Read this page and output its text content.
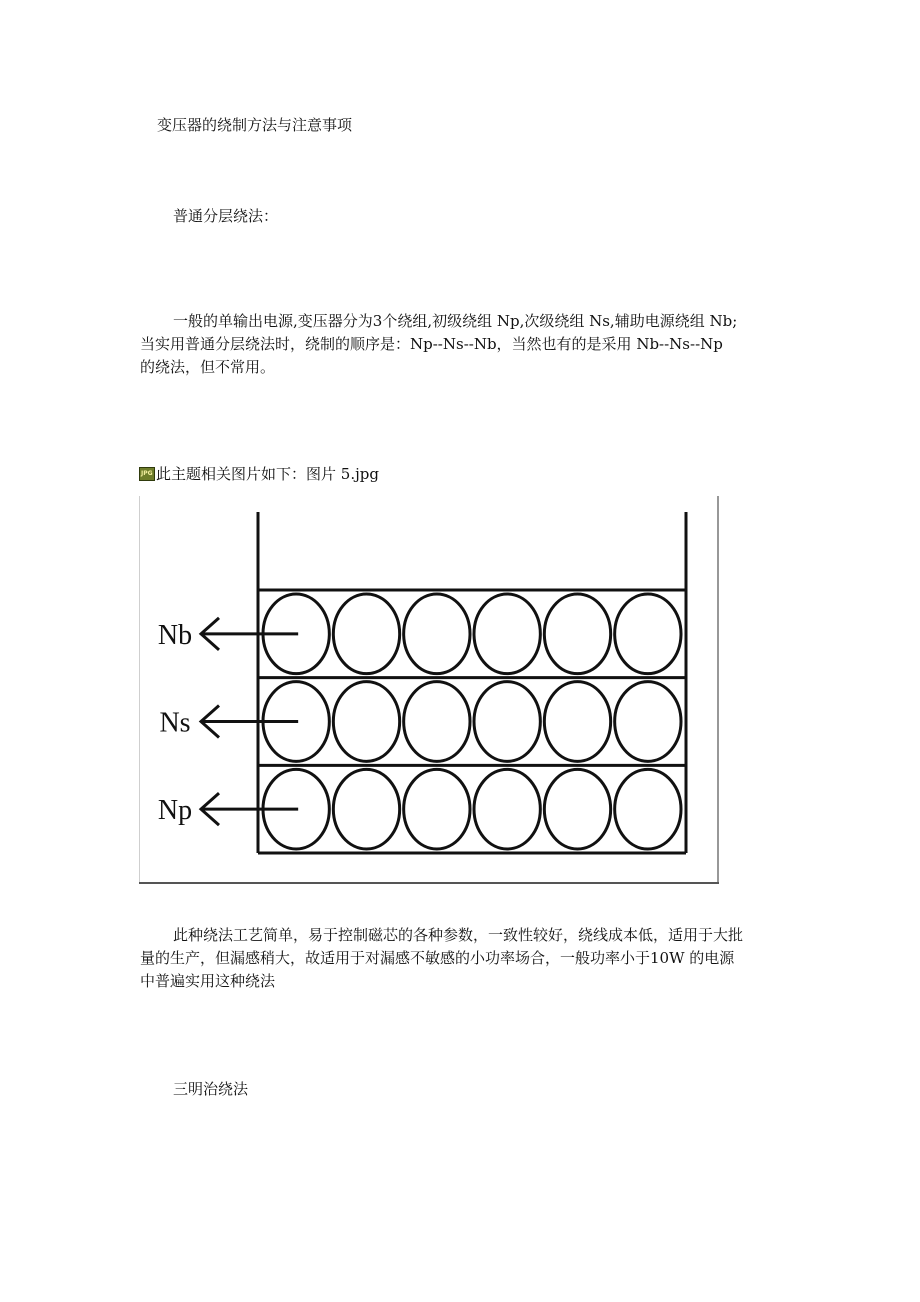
变压器的绕制方法与注意事项
普通分层绕法：

一般的单输出电源,变压器分为3个绕组,初级绕组 Np,次级绕组 Ns,辅助电源绕组 Nb;

当实用普通分层绕法时，绕制的顺序是：Np--Ns--Nb，当然也有的是采用 Nb--Ns--Np

的绕法，但不常用。

JPG此主题相关图片如下：图片 5.jpg
Nb
Ns
Np

此种绕法工艺简单，易于控制磁芯的各种参数，一致性较好，绕线成本低，适用于大批

量的生产，但漏感稍大，故适用于对漏感不敏感的小功率场合，一般功率小于10W 的电源

中普遍实用这种绕法

三明治绕法
